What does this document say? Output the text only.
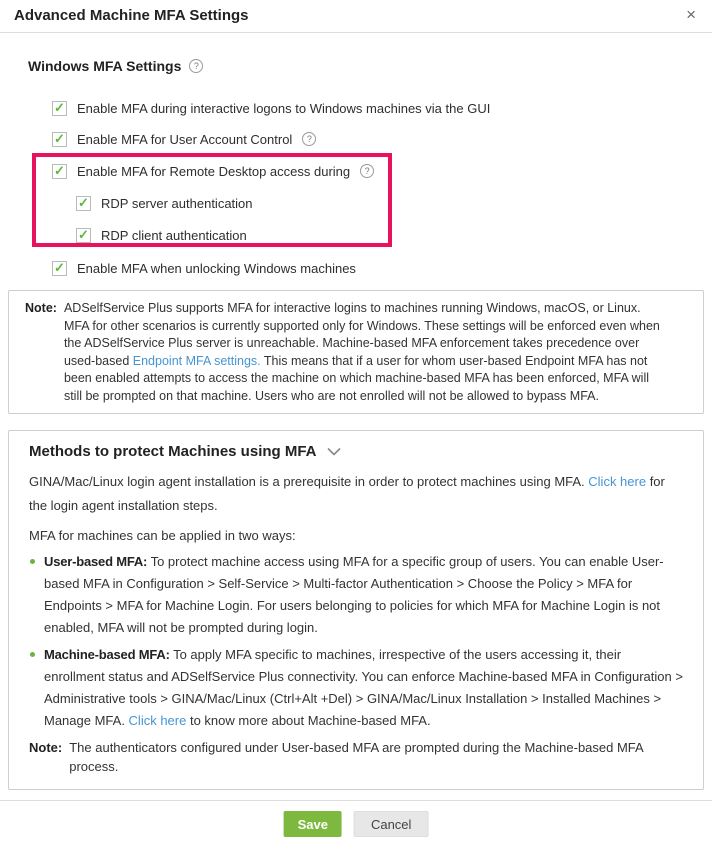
Advanced Machine MFA Settings	×
Windows MFA Settings	?
✓
Enable MFA during interactive logons to Windows machines via the GUI
✓
Enable MFA for User Account Control	?
✓
Enable MFA for Remote Desktop access during	?
✓
RDP server authentication
✓
RDP client authentication
✓
Enable MFA when unlocking Windows machines
Note: ADSelfService Plus supports MFA for interactive logins to machines running Windows, macOS, or Linux. MFA for other scenarios is currently supported only for Windows. These settings will be enforced even when the ADSelfService Plus server is unreachable. Machine-based MFA enforcement takes precedence over used-based Endpoint MFA settings. This means that if a user for whom user-based Endpoint MFA has not been enabled attempts to access the machine on which machine-based MFA has been enforced, MFA will still be prompted on that machine. Users who are not enrolled will not be allowed to bypass MFA.
Methods to protect Machines using MFA

GINA/Mac/Linux login agent installation is a prerequisite in order to protect machines using MFA. Click here for the login agent installation steps.

MFA for machines can be applied in two ways:

User-based MFA: To protect machine access using MFA for a specific group of users. You can enable User-based MFA in Configuration > Self-Service > Multi-factor Authentication > Choose the Policy > MFA for Endpoints > MFA for Machine Login. For users belonging to policies for which MFA for Machine Login is not enabled, MFA will not be prompted during login.
Machine-based MFA: To apply MFA specific to machines, irrespective of the users accessing it, their enrollment status and ADSelfService Plus connectivity. You can enforce Machine-based MFA in Configuration > Administrative tools > GINA/Mac/Linux (Ctrl+Alt +Del) > GINA/Mac/Linux Installation > Installed Machines > Manage MFA. Click here to know more about Machine-based MFA.
Note: The authenticators configured under User-based MFA are prompted during the Machine-based MFA process.
Save	Cancel
